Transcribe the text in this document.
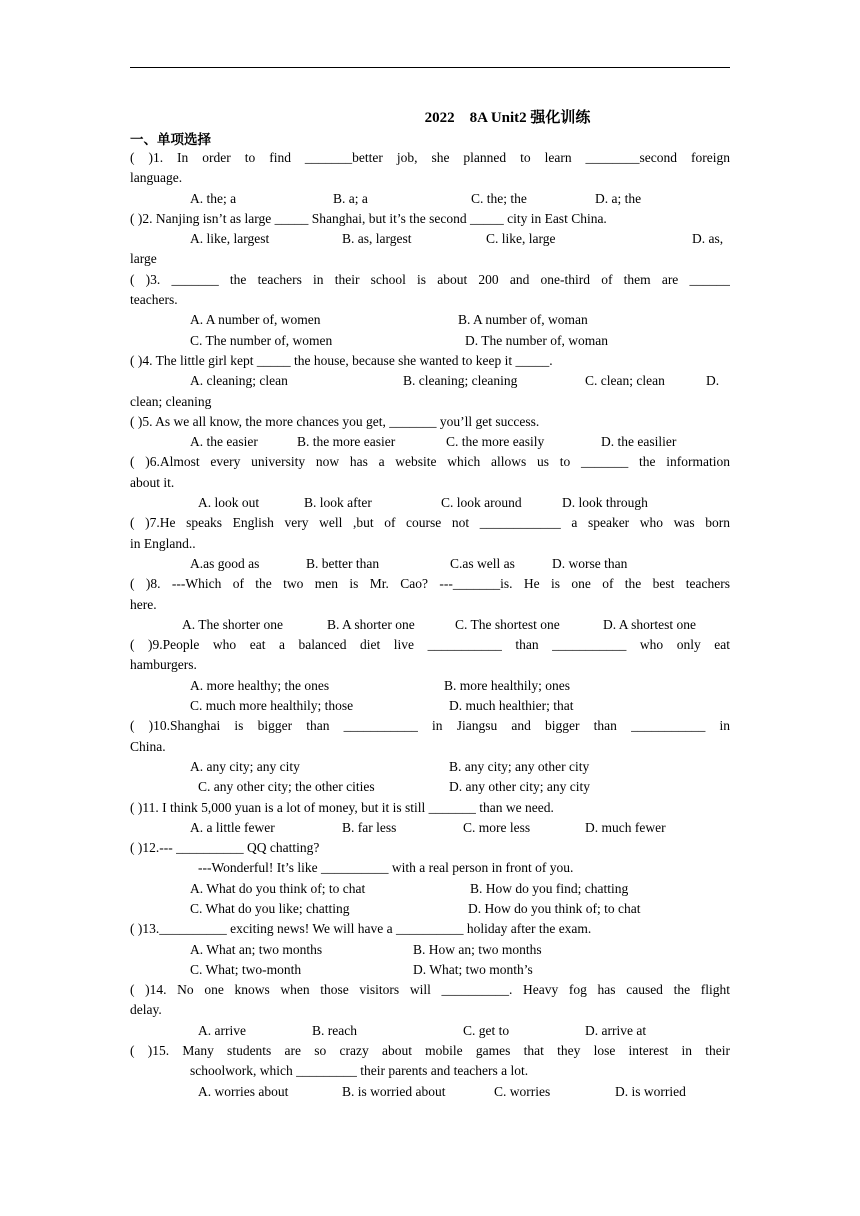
2022    8A Unit2 强化训练
一、单项选择
( )1. In order to find _______better job, she planned to learn ________second foreign
language.
A. the; a	B. a; a	C. the; the	D. a; the
( )2. Nanjing isn’t as large _____ Shanghai, but it’s the second _____ city in East China.
A. like, largest	B. as, largest	C. like, large	D. as,
large
( )3. _______ the teachers in their school is about 200 and one-third of them are ______
teachers.
A. A number of, women	B. A number of, woman
C. The number of, women	D. The number of, woman
( )4. The little girl kept _____ the house, because she wanted to keep it _____.
A. cleaning; clean	B. cleaning; cleaning	C. clean; clean	D.
clean; cleaning
( )5. As we all know, the more chances you get, _______ you’ll get success.
A. the easier	B. the more easier	C. the more easily	D. the easilier
( )6.Almost every university now has a website which allows us to _______ the information
about it.
A. look out	B. look after	C. look around	D. look through
( )7.He speaks English very well ,but of course not ____________ a speaker who was born
in England..
A.as good as	B. better than	C.as well as	D. worse than
( )8. ---Which of the two men is Mr. Cao? ---_______is. He is one of the best teachers
here.
A. The shorter one	B. A shorter one	C. The shortest one	D. A shortest one
( )9.People who eat a balanced diet live ___________ than ___________ who only eat
hamburgers.
A. more healthy; the ones	B. more healthily; ones
C. much more healthily; those	D. much healthier; that
( )10.Shanghai is bigger than ___________ in Jiangsu and bigger than ___________ in
China.
A. any city; any city	B. any city; any other city
C. any other city; the other cities	D. any other city; any city
( )11. I think 5,000 yuan is a lot of money, but it is still _______ than we need.
A. a little fewer	B. far less	C. more less	D. much fewer
( )12.--- __________ QQ chatting?
---Wonderful! It’s like __________ with a real person in front of you.
A. What do you think of; to chat	B. How do you find; chatting
C. What do you like; chatting	D. How do you think of; to chat
( )13.__________ exciting news! We will have a __________ holiday after the exam.
A. What an; two months	B. How an; two months
C. What; two-month	D. What; two month’s
( )14. No one knows when those visitors will __________. Heavy fog has caused the flight
delay.
A. arrive	B. reach	C. get to	D. arrive at
( )15. Many students are so crazy about mobile games that they lose interest in their
schoolwork, which _________ their parents and teachers a lot.
A. worries about	B. is worried about	C. worries	D. is worried
